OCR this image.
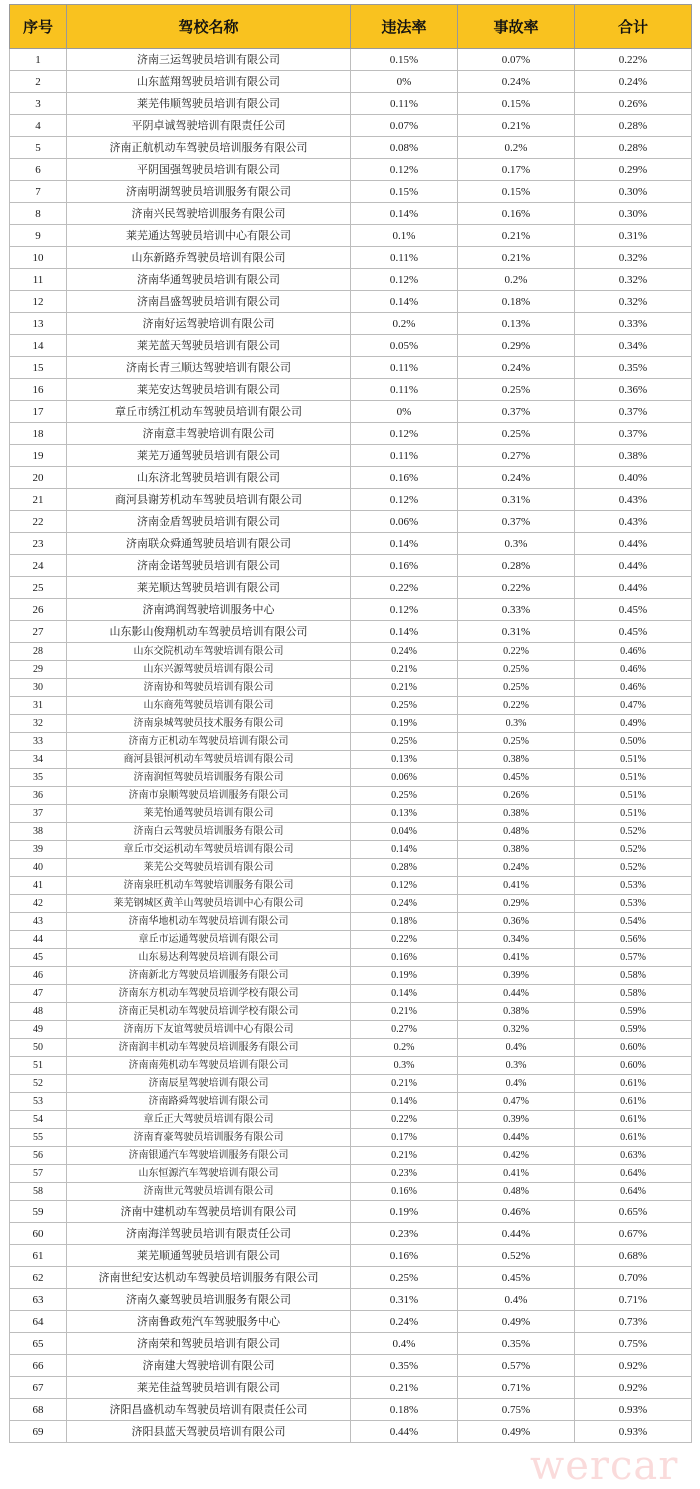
序号	驾校名称	违法率	事故率	合计
1	济南三运驾驶员培训有限公司	0.15%	0.07%	0.22%
2	山东蓝翔驾驶员培训有限公司	0%	0.24%	0.24%
3	莱芜伟顺驾驶员培训有限公司	0.11%	0.15%	0.26%
4	平阴卓诚驾驶培训有限责任公司	0.07%	0.21%	0.28%
5	济南正航机动车驾驶员培训服务有限公司	0.08%	0.2%	0.28%
6	平阴国强驾驶员培训有限公司	0.12%	0.17%	0.29%
7	济南明湖驾驶员培训服务有限公司	0.15%	0.15%	0.30%
8	济南兴民驾驶培训服务有限公司	0.14%	0.16%	0.30%
9	莱芜通达驾驶员培训中心有限公司	0.1%	0.21%	0.31%
10	山东新路乔驾驶员培训有限公司	0.11%	0.21%	0.32%
11	济南华通驾驶员培训有限公司	0.12%	0.2%	0.32%
12	济南昌盛驾驶员培训有限公司	0.14%	0.18%	0.32%
13	济南好运驾驶培训有限公司	0.2%	0.13%	0.33%
14	莱芜蓝天驾驶员培训有限公司	0.05%	0.29%	0.34%
15	济南长青三顺达驾驶培训有限公司	0.11%	0.24%	0.35%
16	莱芜安达驾驶员培训有限公司	0.11%	0.25%	0.36%
17	章丘市绣江机动车驾驶员培训有限公司	0%	0.37%	0.37%
18	济南意丰驾驶培训有限公司	0.12%	0.25%	0.37%
19	莱芜万通驾驶员培训有限公司	0.11%	0.27%	0.38%
20	山东济北驾驶员培训有限公司	0.16%	0.24%	0.40%
21	商河县谢芳机动车驾驶员培训有限公司	0.12%	0.31%	0.43%
22	济南金盾驾驶员培训有限公司	0.06%	0.37%	0.43%
23	济南联众舜通驾驶员培训有限公司	0.14%	0.3%	0.44%
24	济南金诺驾驶员培训有限公司	0.16%	0.28%	0.44%
25	莱芜顺达驾驶员培训有限公司	0.22%	0.22%	0.44%
26	济南鸿润驾驶培训服务中心	0.12%	0.33%	0.45%
27	山东影山俊翔机动车驾驶员培训有限公司	0.14%	0.31%	0.45%
28	山东交院机动车驾驶培训有限公司	0.24%	0.22%	0.46%
29	山东兴源驾驶员培训有限公司	0.21%	0.25%	0.46%
30	济南协和驾驶员培训有限公司	0.21%	0.25%	0.46%
31	山东商苑驾驶员培训有限公司	0.25%	0.22%	0.47%
32	济南泉城驾驶员技术服务有限公司	0.19%	0.3%	0.49%
33	济南方正机动车驾驶员培训有限公司	0.25%	0.25%	0.50%
34	商河县银河机动车驾驶员培训有限公司	0.13%	0.38%	0.51%
35	济南润恒驾驶员培训服务有限公司	0.06%	0.45%	0.51%
36	济南市泉顺驾驶员培训服务有限公司	0.25%	0.26%	0.51%
37	莱芜怡通驾驶员培训有限公司	0.13%	0.38%	0.51%
38	济南白云驾驶员培训服务有限公司	0.04%	0.48%	0.52%
39	章丘市交运机动车驾驶员培训有限公司	0.14%	0.38%	0.52%
40	莱芜公交驾驶员培训有限公司	0.28%	0.24%	0.52%
41	济南泉旺机动车驾驶培训服务有限公司	0.12%	0.41%	0.53%
42	莱芜钢城区黄羊山驾驶员培训中心有限公司	0.24%	0.29%	0.53%
43	济南华地机动车驾驶员培训有限公司	0.18%	0.36%	0.54%
44	章丘市运通驾驶员培训有限公司	0.22%	0.34%	0.56%
45	山东易达利驾驶员培训有限公司	0.16%	0.41%	0.57%
46	济南新北方驾驶员培训服务有限公司	0.19%	0.39%	0.58%
47	济南东方机动车驾驶员培训学校有限公司	0.14%	0.44%	0.58%
48	济南正昊机动车驾驶员培训学校有限公司	0.21%	0.38%	0.59%
49	济南历下友谊驾驶员培训中心有限公司	0.27%	0.32%	0.59%
50	济南润丰机动车驾驶员培训服务有限公司	0.2%	0.4%	0.60%
51	济南南苑机动车驾驶员培训有限公司	0.3%	0.3%	0.60%
52	济南辰星驾驶培训有限公司	0.21%	0.4%	0.61%
53	济南路舜驾驶培训有限公司	0.14%	0.47%	0.61%
54	章丘正大驾驶员培训有限公司	0.22%	0.39%	0.61%
55	济南育豪驾驶员培训服务有限公司	0.17%	0.44%	0.61%
56	济南银通汽车驾驶培训服务有限公司	0.21%	0.42%	0.63%
57	山东恒源汽车驾驶培训有限公司	0.23%	0.41%	0.64%
58	济南世元驾驶员培训有限公司	0.16%	0.48%	0.64%
59	济南中建机动车驾驶员培训有限公司	0.19%	0.46%	0.65%
60	济南海洋驾驶员培训有限责任公司	0.23%	0.44%	0.67%
61	莱芜顺通驾驶员培训有限公司	0.16%	0.52%	0.68%
62	济南世纪安达机动车驾驶员培训服务有限公司	0.25%	0.45%	0.70%
63	济南久豪驾驶员培训服务有限公司	0.31%	0.4%	0.71%
64	济南鲁政苑汽车驾驶服务中心	0.24%	0.49%	0.73%
65	济南荣和驾驶员培训有限公司	0.4%	0.35%	0.75%
66	济南建大驾驶培训有限公司	0.35%	0.57%	0.92%
67	莱芜佳益驾驶员培训有限公司	0.21%	0.71%	0.92%
68	济阳昌盛机动车驾驶员培训有限责任公司	0.18%	0.75%	0.93%
69	济阳县蓝天驾驶员培训有限公司	0.44%	0.49%	0.93%
wercar
